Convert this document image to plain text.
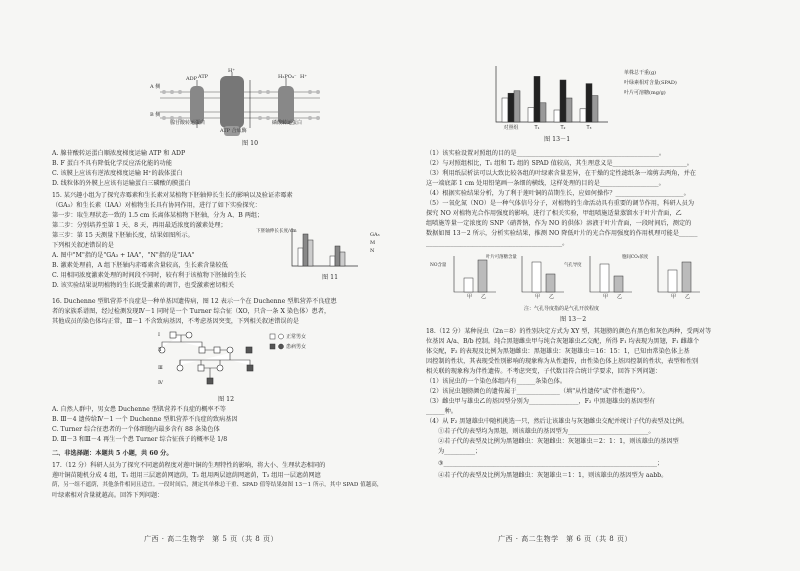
A 侧
B 侧
ADP ATP
H⁺
H₂PO₄⁻ H⁺
腺苷酸转运蛋白
ATP 合成酶
磷酸转运蛋白
图 10
A. 腺苷酸转运蛋白顺浓度梯度运输 ATP 和 ADP
B. F 蛋白不具有降低化学反应活化能的功能
C. 该膜上应该有逆浓度梯度运输 H⁺的载体蛋白
D. 线粒体的外膜上应该有运输蛋白三磷酸的膜蛋白
15. 某兴趣小组为了探究赤霉素和生长素对某植物下胚轴伸长生长的影响以及验证赤霉素
（GA₃）和生长素（IAA）对植物生长具有协同作用，进行了如下实验探究：
第一步：取生理状态一致的 1.5 cm 长离体某植物下胚轴，分为 A、B 两组；
第二步：分别培养至第 1 天、8 天，再用最适浓度的激素处理；
第三步：第 15 天测量下胚轴长度，结果如图所示。
下列相关叙述错误的是
A. 图中"M"指的是"GA₃ + IAA"，"N"指的是"IAA"
B. 激素处理前，A 组下胚轴内赤霉素含量较高，生长素含量较低
C. 用相同浓度激素处理的时间段不同时，较有利于该植物下胚轴的生长
D. 该实验结果说明植物的生长既受激素的调节，也受激素密切相关
下胚轴伸长长度/cm
GA₃
M
N
图 11
16. Duchenne 型肌营养不良症是一种单基因遗传病，图 12 表示一个在 Duchenne 型肌营养不良症患
者的家族系谱图，经过检测发现Ⅳ－1 同时是一个 Turner 综合征（XO，只含一条 X 染色体）患者，
其他成员的染色体均正常，Ⅲ－1 不含致病基因，不考虑基因突变，下列相关叙述错误的是
Ⅰ
Ⅱ
Ⅲ
Ⅳ
正常男女
患病男女
图 12
A. 自然人群中，男女患 Duchenne 型肌营养不良症的概率不等
B. Ⅲ－4 遗传给Ⅳ－1 一个 Duchenne 型肌营养不良症的致病基因
C. Turner 综合征患者的一个体细胞内最多含有 88 条染色体
D. Ⅲ－3 和Ⅲ－4 再生一个患 Turner 综合征孩子的概率是 1/8
二、非选择题：本题共 5 小题，共 60 分。
17.（12 分）科研人员为了探究不同遮荫程度对莲叶铜的生理特性的影响，将大小、生理状态相同的
莲叶铜苗随机分成 4 组，T₁ 组用三层遮荫网遮荫，T₂ 组用两层遮荫网遮荫，T₃ 组用一层遮荫网遮
荫，另一组不遮荫，其他条件相同且适宜。一段时间后，测定其单株总干重、SPAD 值等结果如图 13－1 所示，其中 SPAD 值越高，
叶绿素相对含量就越高。回答下列问题：
广西 · 高二生物学　第 5 页（共 8 页）
对照组	T₁	T₂	T₃
单株总干重(g)
叶绿素相对含量(SPAD)
叶片可溶糖(mg/g)
图 13－1
（1）该实验设置对照组的目的是______________________________________________。
（2）与对照组相比，T₁ 组和 T₂ 组的 SPAD 值较高，其生理意义是________________________。
（3）利用纸层析法可以大致比较各组的叶绿素含量差异，在干燥的定性滤纸条一端剪去两角，并在
这一端底部 1 cm 处用铅笔画一条细的横线，这样处理的目的是___________________。
（4）根据实验结果分析，为了利于莲叶铜的苗期生长，应如何操作？______________________。
（5）一氧化氮（NO）是一种气体信号分子，对植物的生命活动具有重要的调节作用，科研人员为
探究 NO 对植物光合作用强度的影响，进行了相关实验，甲组喷施适量蒸馏水于叶片背面，乙
组喷施等量一定浓度的 SNP（硝普钠，作为 NO 的供体）溶液于叶片背面，一段时间后，测定的
数据如图 13－2 所示，分析实验结果，推测 NO 降低叶片的光合作用强度的作用机理可能是______
____________________________________________。
甲 乙	甲 乙	甲 乙	甲 乙
NO含量
叶片可溶糖含量
气孔导度
胞间CO₂浓度
注：气孔导度指的是气孔开放程度
图 13－2
18.（12 分）某种昆虫（2n＝8）的性别决定方式为 XY 型，其翅膀的颜色有黑色和灰色两种，受两对等
位基因 A/a、B/b 控制。纯合黑翅雌虫甲与纯合灰翅雄虫乙交配，所得 F₁ 均表现为黑翅，F₁ 雌雄个
体交配，F₂ 的表现及比例为黑翅雌虫：黑翅雄虫：灰翅雄虫＝16：15：1，已知由常染色体上基
因控制的性状，其表现受性别影响的现象称为从性遗传，由性染色体上基因控制的性状，表型和性别
相关联的现象称为伴性遗传。不考虑突变，子代数目符合统计学要求，回答下列问题：
（1）该昆虫的一个染色体组内有______条染色体。
（2）该昆虫翅膀颜色的遗传属于______________（填"从性遗传"或"伴性遗传"）。
（3）雌虫甲与雄虫乙的基因型分别为________________，F₂ 中黑翅雄虫的基因型有
______种。
（4）从 F₂ 黑翅雄虫中随机挑选一只，然后让该雄虫与灰翅雌虫交配并统计子代的表型及比例。
①若子代的表型均为黑翅，则该雄虫的基因型为__________________________。
②若子代的表型及比例为黑翅雌虫：灰翅雌虫：灰翅雄虫＝2：1：1，则该雄虫的基因型
为__________；
③_____________________________________________________________________；
④若子代的表型及比例为黑翅雌虫：灰翅雄虫＝1：1，则该雄虫的基因型为 aabb。
广西 · 高二生物学　第 6 页（共 8 页）
